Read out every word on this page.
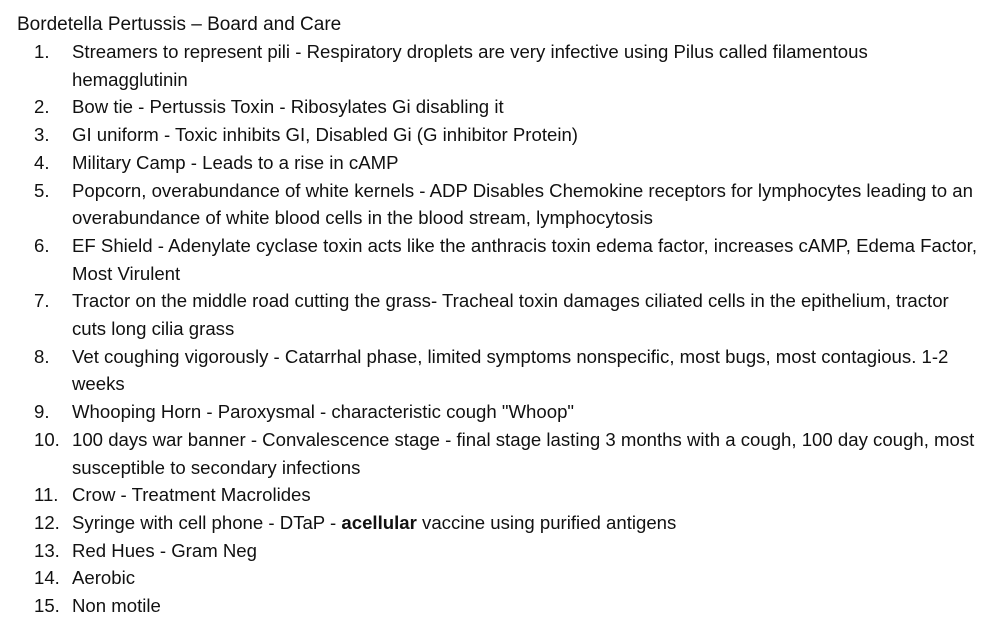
Bordetella Pertussis – Board and Care

1. Streamers to represent pili - Respiratory droplets are very infective using Pilus called filamentous hemagglutinin
2. Bow tie - Pertussis Toxin - Ribosylates Gi disabling it
3. GI uniform - Toxic inhibits GI, Disabled Gi (G inhibitor Protein)
4. Military Camp - Leads to a rise in cAMP
5. Popcorn, overabundance of white kernels - ADP Disables Chemokine receptors for lymphocytes leading to an overabundance of white blood cells in the blood stream, lymphocytosis
6. EF Shield - Adenylate cyclase toxin acts like the anthracis toxin edema factor, increases cAMP, Edema Factor, Most Virulent
7. Tractor on the middle road cutting the grass- Tracheal toxin damages ciliated cells in the epithelium, tractor cuts long cilia grass
8. Vet coughing vigorously - Catarrhal phase, limited symptoms nonspecific, most bugs, most contagious. 1-2 weeks
9. Whooping Horn - Paroxysmal - characteristic cough "Whoop"
10. 100 days war banner - Convalescence stage - final stage lasting 3 months with a cough, 100 day cough, most susceptible to secondary infections
11. Crow - Treatment Macrolides
12. Syringe with cell phone - DTaP - acellular vaccine using purified antigens
13. Red Hues - Gram Neg
14. Aerobic
15. Non motile
